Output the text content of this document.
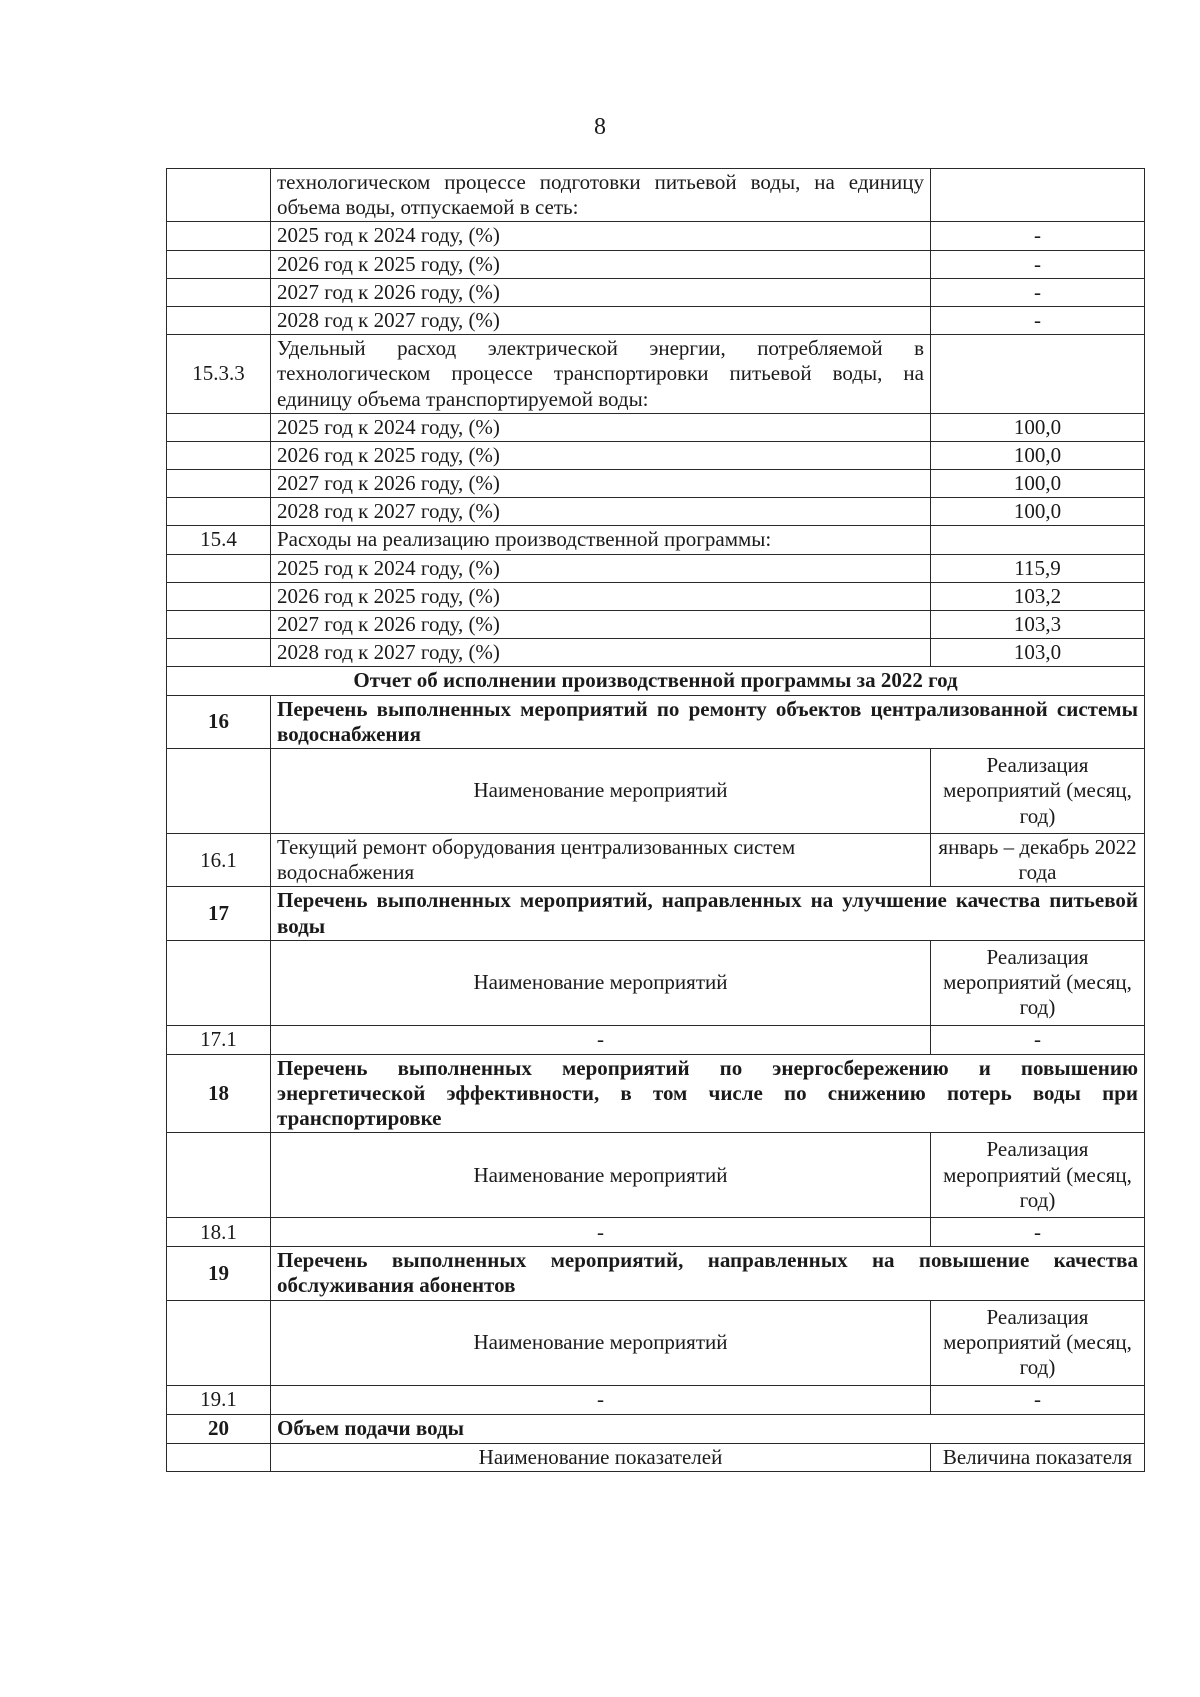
8
	технологическом процессе подготовки питьевой воды, на единицу объема воды, отпускаемой в сеть:	
	2025 год к 2024 году, (%)	-
	2026 год к 2025 году, (%)	-
	2027 год к 2026 году, (%)	-
	2028 год к 2027 году, (%)	-
15.3.3	Удельный расход электрической энергии, потребляемой в технологическом процессе транспортировки питьевой воды, на единицу объема транспортируемой воды:	
	2025 год к 2024 году, (%)	100,0
	2026 год к 2025 году, (%)	100,0
	2027 год к 2026 году, (%)	100,0
	2028 год к 2027 году, (%)	100,0
15.4	Расходы на реализацию производственной программы:	
	2025 год к 2024 году, (%)	115,9
	2026 год к 2025 году, (%)	103,2
	2027 год к 2026 году, (%)	103,3
	2028 год к 2027 году, (%)	103,0
Отчет об исполнении производственной программы за 2022 год		
16	Перечень выполненных мероприятий по ремонту объектов централизованной системы водоснабжения	
	Наименование мероприятий	Реализация мероприятий (месяц, год)
16.1	Текущий ремонт оборудования централизованных систем водоснабжения	январь – декабрь 2022 года
17	Перечень выполненных мероприятий, направленных на улучшение качества питьевой воды	
	Наименование мероприятий	Реализация мероприятий (месяц, год)
17.1	-	-
18	Перечень выполненных мероприятий по энергосбережению и повышению энергетической эффективности, в том числе по снижению потерь воды при транспортировке	
	Наименование мероприятий	Реализация мероприятий (месяц, год)
18.1	-	-
19	Перечень выполненных мероприятий, направленных на повышение качества обслуживания абонентов	
	Наименование мероприятий	Реализация мероприятий (месяц, год)
19.1	-	-
20	Объем подачи воды	
	Наименование показателей	Величина показателя
